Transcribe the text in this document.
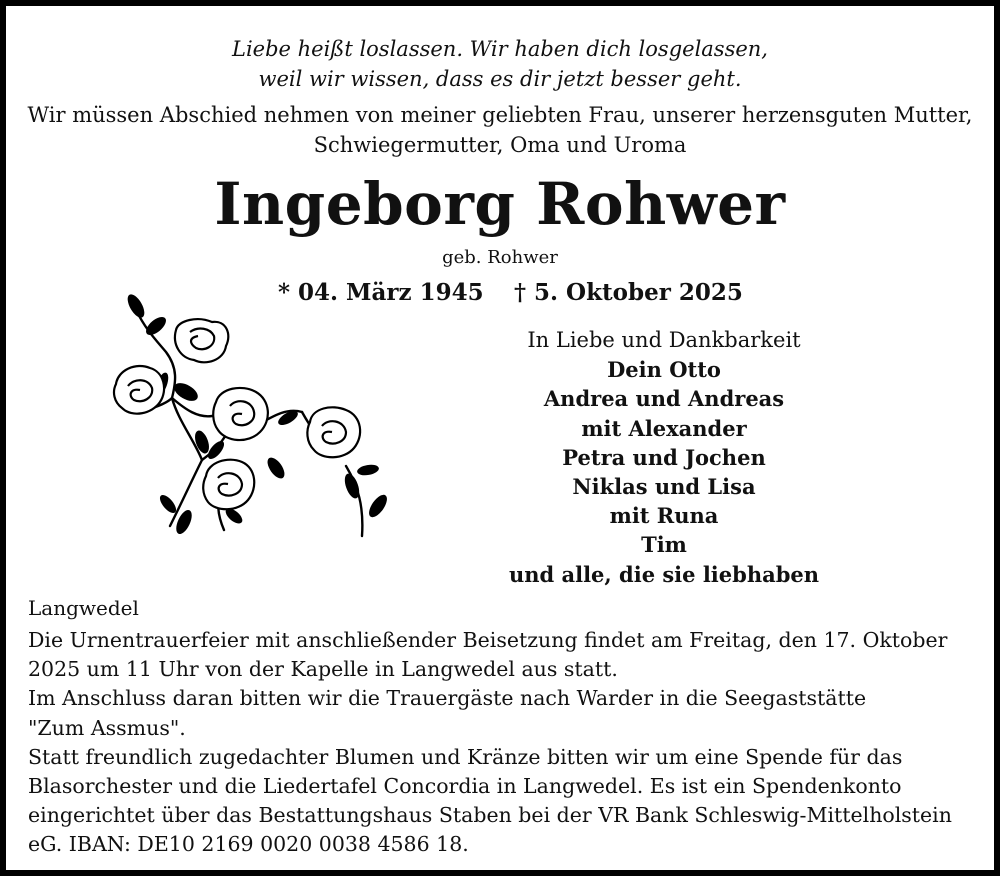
Liebe heißt loslassen. Wir haben dich losgelassen,
weil wir wissen, dass es dir jetzt besser geht.
Wir müssen Abschied nehmen von meiner geliebten Frau, unserer herzensguten Mutter,
Schwiegermutter, Oma und Uroma
Ingeborg Rohwer
geb. Rohwer
* 04. März 1945 † 5. Oktober 2025
In Liebe und Dankbarkeit
Dein Otto
Andrea und Andreas
mit Alexander
Petra und Jochen
Niklas und Lisa
mit Runa
Tim
und alle, die sie liebhaben
Langwedel
Die Urnentrauerfeier mit anschließender Beisetzung findet am Freitag, den 17. Oktober
2025 um 11 Uhr von der Kapelle in Langwedel aus statt.
Im Anschluss daran bitten wir die Trauergäste nach Warder in die Seegaststätte
"Zum Assmus".
Statt freundlich zugedachter Blumen und Kränze bitten wir um eine Spende für das
Blasorchester und die Liedertafel Concordia in Langwedel. Es ist ein Spendenkonto
eingerichtet über das Bestattungshaus Staben bei der VR Bank Schleswig-Mittelholstein
eG. IBAN: DE10 2169 0020 0038 4586 18.
